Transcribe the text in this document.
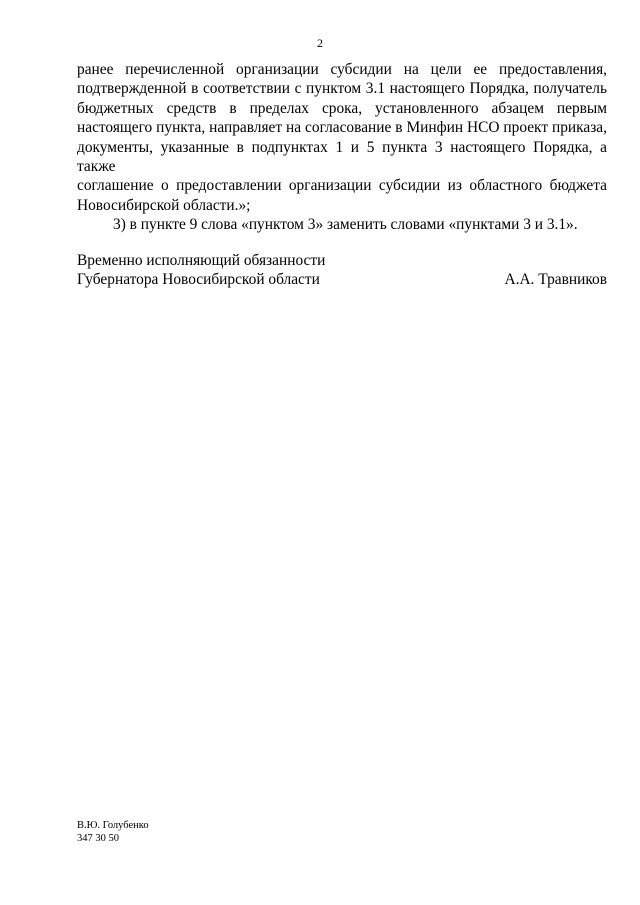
2
ранее перечисленной организации субсидии на цели ее предоставления,
подтвержденной в соответствии с пунктом 3.1 настоящего Порядка, получатель
бюджетных средств в пределах срока, установленного абзацем первым
настоящего пункта, направляет на согласование в Минфин НСО проект приказа,
документы, указанные в подпунктах 1 и 5 пункта 3 настоящего Порядка, а также
соглашение о предоставлении организации субсидии из областного бюджета
Новосибирской области.»;
3) в пункте 9 слова «пунктом 3» заменить словами «пунктами 3 и 3.1».
Временно исполняющий обязанности
Губернатора Новосибирской области	А.А. Травников
В.Ю. Голубенко
347 30 50
